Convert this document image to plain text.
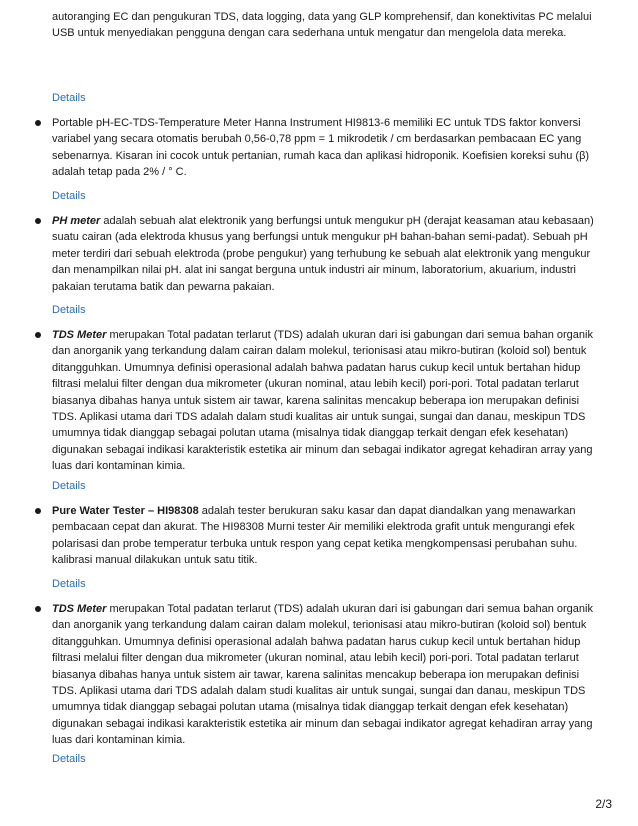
autoranging EC dan pengukuran TDS, data logging, data yang GLP komprehensif, dan konektivitas PC melalui USB untuk menyediakan pengguna dengan cara sederhana untuk mengatur dan mengelola data mereka.

Details

Portable pH-EC-TDS-Temperature Meter Hanna Instrument HI9813-6 memiliki EC untuk TDS faktor konversi variabel yang secara otomatis berubah 0,56-0,78 ppm = 1 mikrodetik / cm berdasarkan pembacaan EC yang sebenarnya. Kisaran ini cocok untuk pertanian, rumah kaca dan aplikasi hidroponik. Koefisien koreksi suhu (β) adalah tetap pada 2% / ° C.

Details

PH meter adalah sebuah alat elektronik yang berfungsi untuk mengukur pH (derajat keasaman atau kebasaan) suatu cairan (ada elektroda khusus yang berfungsi untuk mengukur pH bahan-bahan semi-padat). Sebuah pH meter terdiri dari sebuah elektroda (probe pengukur) yang terhubung ke sebuah alat elektronik yang mengukur dan menampilkan nilai pH. alat ini sangat berguna untuk industri air minum, laboratorium, akuarium, industri pakaian terutama batik dan pewarna pakaian.

Details

TDS Meter merupakan Total padatan terlarut (TDS) adalah ukuran dari isi gabungan dari semua bahan organik dan anorganik yang terkandung dalam cairan dalam molekul, terionisasi atau mikro-butiran (koloid sol) bentuk ditangguhkan. Umumnya definisi operasional adalah bahwa padatan harus cukup kecil untuk bertahan hidup filtrasi melalui filter dengan dua mikrometer (ukuran nominal, atau lebih kecil) pori-pori. Total padatan terlarut biasanya dibahas hanya untuk sistem air tawar, karena salinitas mencakup beberapa ion merupakan definisi TDS. Aplikasi utama dari TDS adalah dalam studi kualitas air untuk sungai, sungai dan danau, meskipun TDS umumnya tidak dianggap sebagai polutan utama (misalnya tidak dianggap terkait dengan efek kesehatan) digunakan sebagai indikasi karakteristik estetika air minum dan sebagai indikator agregat kehadiran array yang luas dari kontaminan kimia.

Details

Pure Water Tester – HI98308 adalah tester berukuran saku kasar dan dapat diandalkan yang menawarkan pembacaan cepat dan akurat. The HI98308 Murni tester Air memiliki elektroda grafit untuk mengurangi efek polarisasi dan probe temperatur terbuka untuk respon yang cepat ketika mengkompensasi perubahan suhu. kalibrasi manual dilakukan untuk satu titik.

Details

TDS Meter merupakan Total padatan terlarut (TDS) adalah ukuran dari isi gabungan dari semua bahan organik dan anorganik yang terkandung dalam cairan dalam molekul, terionisasi atau mikro-butiran (koloid sol) bentuk ditangguhkan. Umumnya definisi operasional adalah bahwa padatan harus cukup kecil untuk bertahan hidup filtrasi melalui filter dengan dua mikrometer (ukuran nominal, atau lebih kecil) pori-pori. Total padatan terlarut biasanya dibahas hanya untuk sistem air tawar, karena salinitas mencakup beberapa ion merupakan definisi TDS. Aplikasi utama dari TDS adalah dalam studi kualitas air untuk sungai, sungai dan danau, meskipun TDS umumnya tidak dianggap sebagai polutan utama (misalnya tidak dianggap terkait dengan efek kesehatan) digunakan sebagai indikasi karakteristik estetika air minum dan sebagai indikator agregat kehadiran array yang luas dari kontaminan kimia.

Details
2/3
